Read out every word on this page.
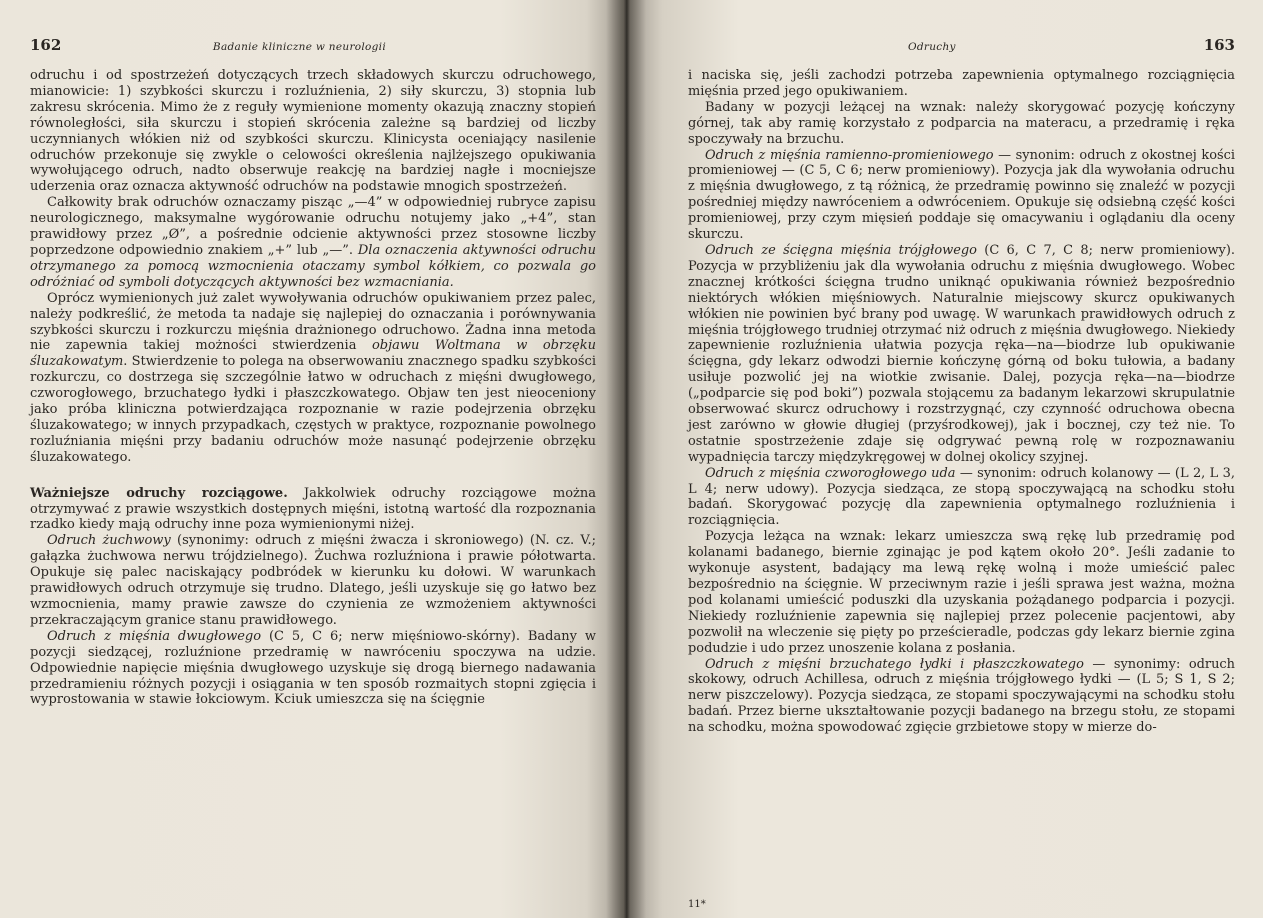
162	Badanie kliniczne w neurologii

odruchu i od spostrzeżeń dotyczących trzech składowych skurczu odruchowego, mianowicie: 1) szybkości skurczu i rozluźnienia, 2) siły skurczu, 3) stopnia lub zakresu skrócenia. Mimo że z reguły wymienione momenty okazują znaczny stopień równoległości, siła skurczu i stopień skrócenia zależne są bardziej od liczby uczynnianych włókien niż od szybkości skurczu. Klinicysta oceniający nasilenie odruchów przekonuje się zwykle o celowości określenia najlżejszego opukiwania wywołującego odruch, nadto obserwuje reakcję na bardziej nagłe i mocniejsze uderzenia oraz oznacza aktywność odruchów na podstawie mnogich spostrzeżeń.

Całkowity brak odruchów oznaczamy pisząc „—4” w odpowiedniej rubryce zapisu neurologicznego, maksymalne wygórowanie odruchu notujemy jako „+4”, stan prawidłowy przez „Ø”, a pośrednie odcienie aktywności przez stosowne liczby poprzedzone odpowiednio znakiem „+” lub „—”. Dla oznaczenia aktywności odruchu otrzymanego za pomocą wzmocnienia otaczamy symbol kółkiem, co pozwala go odróżniać od symboli dotyczących aktywności bez wzmacniania.

Oprócz wymienionych już zalet wywoływania odruchów opukiwaniem przez palec, należy podkreślić, że metoda ta nadaje się najlepiej do oznaczania i porównywania szybkości skurczu i rozkurczu mięśnia drażnionego odruchowo. Żadna inna metoda nie zapewnia takiej możności stwierdzenia objawu Woltmana w obrzęku śluzakowatym. Stwierdzenie to polega na obserwowaniu znacznego spadku szybkości rozkurczu, co dostrzega się szczególnie łatwo w odruchach z mięśni dwugłowego, czworogłowego, brzuchatego łydki i płaszczkowatego. Objaw ten jest nieoceniony jako próba kliniczna potwierdzająca rozpoznanie w razie podejrzenia obrzęku śluzakowatego; w innych przypadkach, częstych w praktyce, rozpoznanie powolnego rozluźniania mięśni przy badaniu odruchów może nasunąć podejrzenie obrzęku śluzakowatego.

Ważniejsze odruchy rozciągowe. Jakkolwiek odruchy rozciągowe można otrzymywać z prawie wszystkich dostępnych mięśni, istotną wartość dla rozpoznania rzadko kiedy mają odruchy inne poza wymienionymi niżej.

Odruch żuchwowy (synonimy: odruch z mięśni żwacza i skroniowego) (N. cz. V.; gałązka żuchwowa nerwu trójdzielnego). Żuchwa rozluźniona i prawie półotwarta. Opukuje się palec naciskający podbródek w kierunku ku dołowi. W warunkach prawidłowych odruch otrzymuje się trudno. Dlatego, jeśli uzyskuje się go łatwo bez wzmocnienia, mamy prawie zawsze do czynienia ze wzmożeniem aktywności przekraczającym granice stanu prawidłowego.

Odruch z mięśnia dwugłowego (C 5, C 6; nerw mięśniowo-skórny). Badany w pozycji siedzącej, rozluźnione przedramię w nawróceniu spoczywa na udzie. Odpowiednie napięcie mięśnia dwugłowego uzyskuje się drogą biernego nadawania przedramieniu różnych pozycji i osiągania w ten sposób rozmaitych stopni zgięcia i wyprostowania w stawie łokciowym. Kciuk umieszcza się na ścięgnie

Odruchy	163

i naciska się, jeśli zachodzi potrzeba zapewnienia optymalnego rozciągnięcia mięśnia przed jego opukiwaniem.

Badany w pozycji leżącej na wznak: należy skorygować pozycję kończyny górnej, tak aby ramię korzystało z podparcia na materacu, a przedramię i ręka spoczywały na brzuchu.

Odruch z mięśnia ramienno-promieniowego — synonim: odruch z okostnej kości promieniowej — (C 5, C 6; nerw promieniowy). Pozycja jak dla wywołania odruchu z mięśnia dwugłowego, z tą różnicą, że przedramię powinno się znaleźć w pozycji pośredniej między nawróceniem a odwróceniem. Opukuje się odsiebną część kości promieniowej, przy czym mięsień poddaje się omacywaniu i oglądaniu dla oceny skurczu.

Odruch ze ścięgna mięśnia trójgłowego (C 6, C 7, C 8; nerw promieniowy). Pozycja w przybliżeniu jak dla wywołania odruchu z mięśnia dwugłowego. Wobec znacznej krótkości ścięgna trudno uniknąć opukiwania również bezpośrednio niektórych włókien mięśniowych. Naturalnie miejscowy skurcz opukiwanych włókien nie powinien być brany pod uwagę. W warunkach prawidłowych odruch z mięśnia trójgłowego trudniej otrzymać niż odruch z mięśnia dwugłowego. Niekiedy zapewnienie rozluźnienia ułatwia pozycja ręka—na—biodrze lub opukiwanie ścięgna, gdy lekarz odwodzi biernie kończynę górną od boku tułowia, a badany usiłuje pozwolić jej na wiotkie zwisanie. Dalej, pozycja ręka—na—biodrze („podparcie się pod boki”) pozwala stojącemu za badanym lekarzowi skrupulatnie obserwować skurcz odruchowy i rozstrzygnąć, czy czynność odruchowa obecna jest zarówno w głowie długiej (przyśrodkowej), jak i bocznej, czy też nie. To ostatnie spostrzeżenie zdaje się odgrywać pewną rolę w rozpoznawaniu wypadnięcia tarczy międzykręgowej w dolnej okolicy szyjnej.

Odruch z mięśnia czworogłowego uda — synonim: odruch kolanowy — (L 2, L 3, L 4; nerw udowy). Pozycja siedząca, ze stopą spoczywającą na schodku stołu badań. Skorygować pozycję dla zapewnienia optymalnego rozluźnienia i rozciągnięcia.

Pozycja leżąca na wznak: lekarz umieszcza swą rękę lub przedramię pod kolanami badanego, biernie zginając je pod kątem około 20°. Jeśli zadanie to wykonuje asystent, badający ma lewą rękę wolną i może umieścić palec bezpośrednio na ścięgnie. W przeciwnym razie i jeśli sprawa jest ważna, można pod kolanami umieścić poduszki dla uzyskania pożądanego podparcia i pozycji. Niekiedy rozluźnienie zapewnia się najlepiej przez polecenie pacjentowi, aby pozwolił na wleczenie się pięty po prześcieradle, podczas gdy lekarz biernie zgina podudzie i udo przez unoszenie kolana z posłania.

Odruch z mięśni brzuchatego łydki i płaszczkowatego — synonimy: odruch skokowy, odruch Achillesa, odruch z mięśnia trójgłowego łydki — (L 5; S 1, S 2; nerw piszczelowy). Pozycja siedząca, ze stopami spoczywającymi na schodku stołu badań. Przez bierne ukształtowanie pozycji badanego na brzegu stołu, ze stopami na schodku, można spowodować zgięcie grzbietowe stopy w mierze do-

11*
